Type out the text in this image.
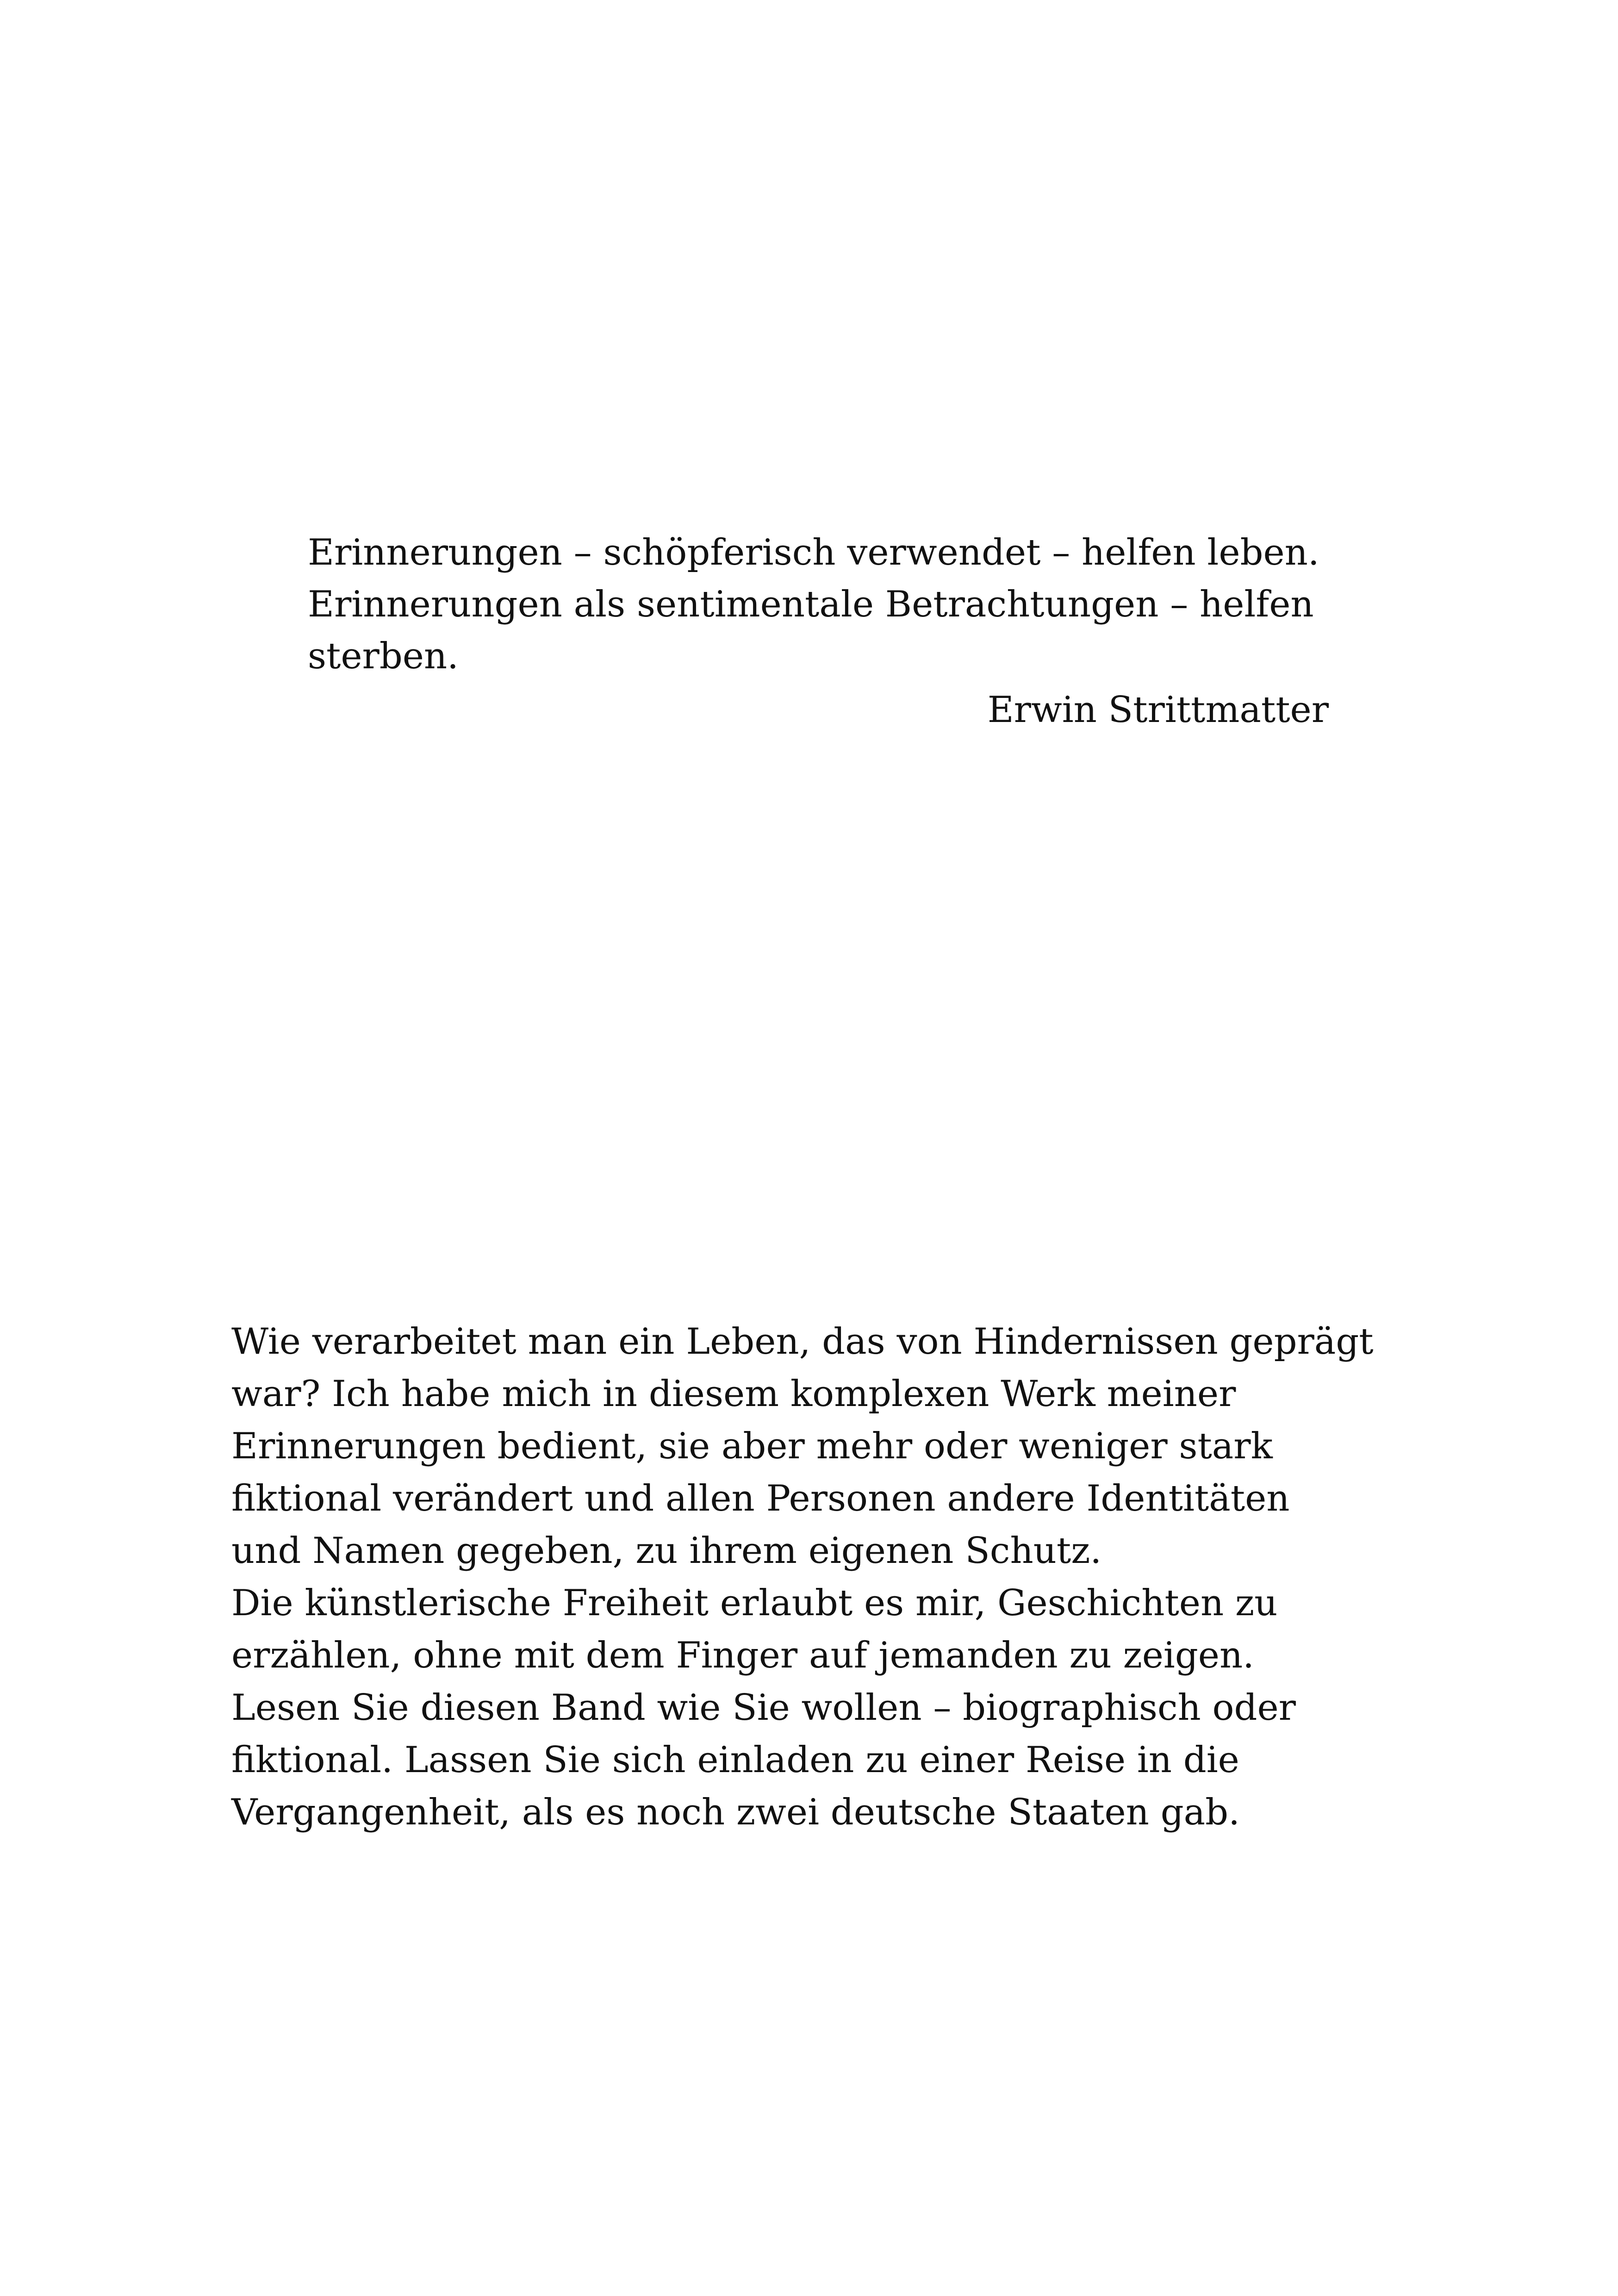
Erinnerungen – schöpferisch verwendet – helfen leben.

Erinnerungen als sentimentale Betrachtungen – helfen

sterben.

Erwin Strittmatter

Wie verarbeitet man ein Leben, das von Hindernissen geprägt

war? Ich habe mich in diesem komplexen Werk meiner

Erinnerungen bedient, sie aber mehr oder weniger stark

fiktional verändert und allen Personen andere Identitäten

und Namen gegeben, zu ihrem eigenen Schutz.

Die künstlerische Freiheit erlaubt es mir, Geschichten zu

erzählen, ohne mit dem Finger auf jemanden zu zeigen.

Lesen Sie diesen Band wie Sie wollen – biographisch oder

fiktional. Lassen Sie sich einladen zu einer Reise in die

Vergangenheit, als es noch zwei deutsche Staaten gab.
